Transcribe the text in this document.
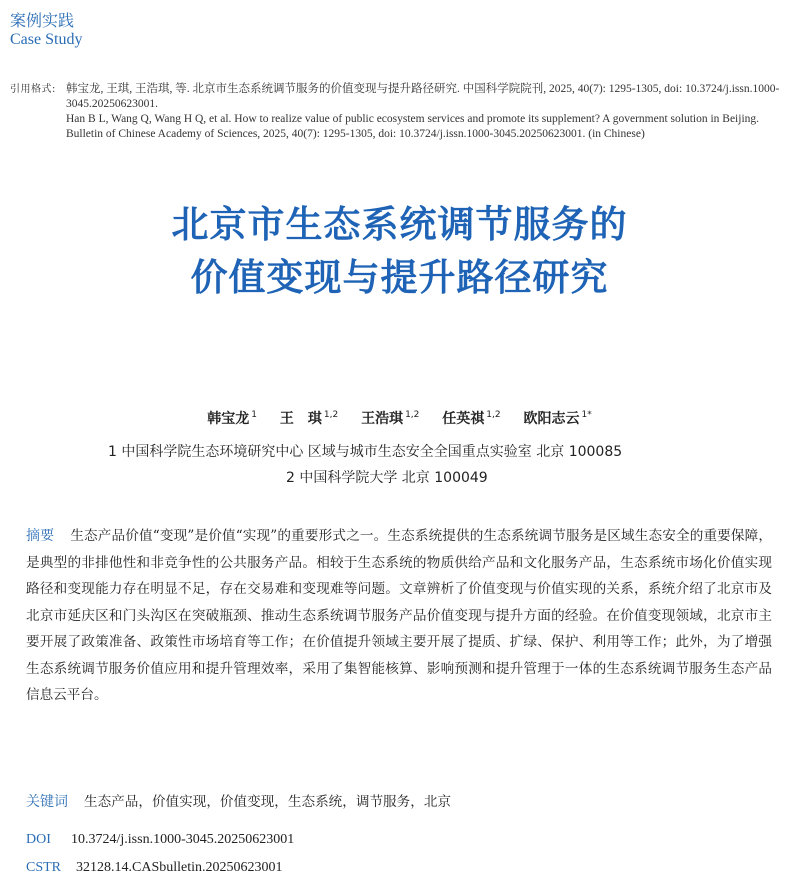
案例实践
Case Study
引用格式: 韩宝龙, 王琪, 王浩琪, 等. 北京市生态系统调节服务的价值变现与提升路径研究. 中国科学院院刊, 2025, 40(7): 1295-1305, doi: 10.3724/j.issn.1000-3045.20250623001.
Han B L, Wang Q, Wang H Q, et al. How to realize value of public ecosystem services and promote its supplement? A government solution in Beijing. Bulletin of Chinese Academy of Sciences, 2025, 40(7): 1295-1305, doi: 10.3724/j.issn.1000-3045.20250623001. (in Chinese)
北京市生态系统调节服务的
价值变现与提升路径研究
韩宝龙 $^1$ 王　琪 $^{1,2}$ 王浩琪 $^{1,2}$ 任英祺 $^{1,2}$ 欧阳志云 $^{1*}$
1 中国科学院生态环境研究中心 区域与城市生态安全全国重点实验室 北京 100085
2 中国科学院大学 北京 100049
摘要 生态产品价值“变现”是价值“实现”的重要形式之一。生态系统提供的生态系统调节服务是区域生态安全的重要保障，是典型的非排他性和非竞争性的公共服务产品。相较于生态系统的物质供给产品和文化服务产品，生态系统市场化价值实现路径和变现能力存在明显不足，存在交易难和变现难等问题。文章辨析了价值变现与价值实现的关系，系统介绍了北京市及北京市延庆区和门头沟区在突破瓶颈、推动生态系统调节服务产品价值变现与提升方面的经验。在价值变现领域，北京市主要开展了政策准备、政策性市场培育等工作；在价值提升领域主要开展了提质、扩绿、保护、利用等工作；此外，为了增强生态系统调节服务价值应用和提升管理效率，采用了集智能核算、影响预测和提升管理于一体的生态系统调节服务生态产品信息云平台。
关键词 生态产品，价值实现，价值变现，生态系统，调节服务，北京
DOI 10.3724/j.issn.1000-3045.20250623001
CSTR 32128.14.CASbulletin.20250623001
